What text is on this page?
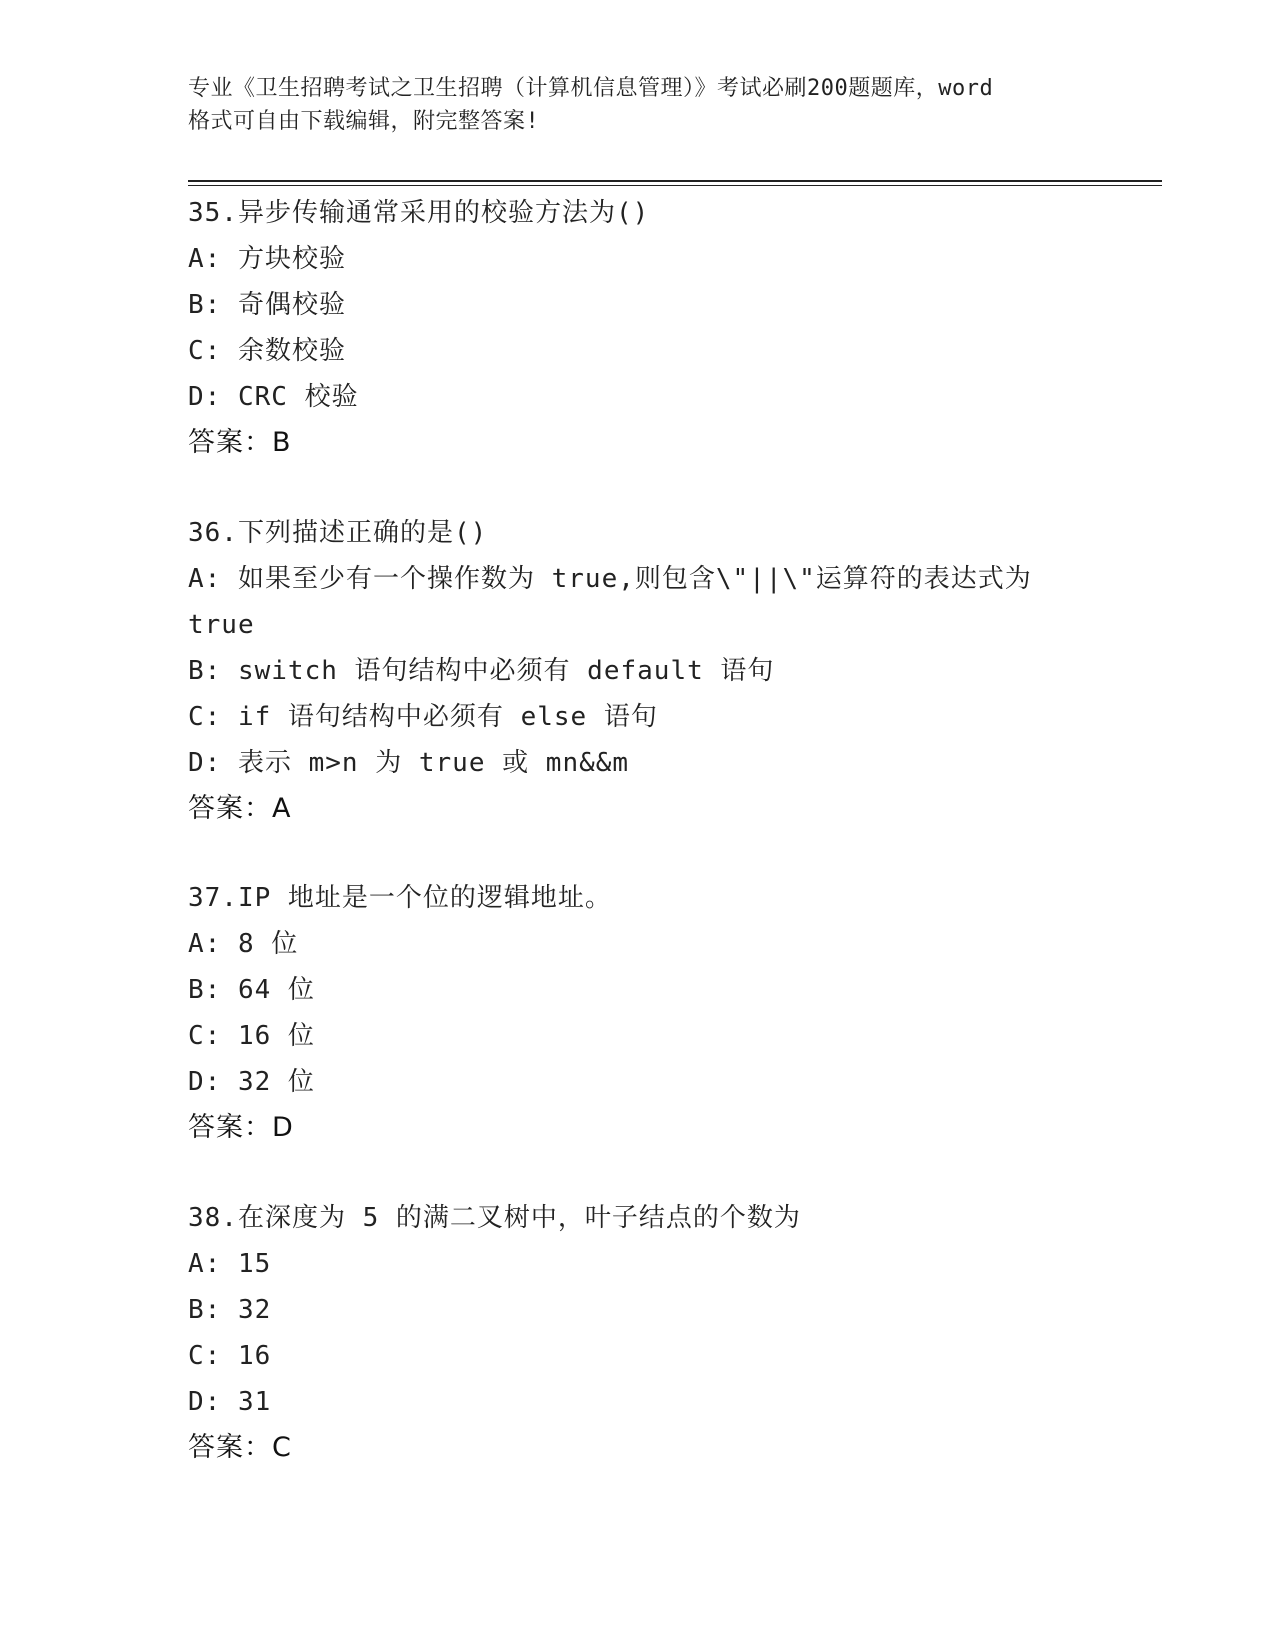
专业《卫生招聘考试之卫生招聘（计算机信息管理）》考试必刷200题题库，word
格式可自由下载编辑，附完整答案!
35.异步传输通常采用的校验方法为()
A: 方块校验
B: 奇偶校验
C: 余数校验
D: CRC 校验
答案：B
36.下列描述正确的是()
A: 如果至少有一个操作数为 true,则包含\"||\"运算符的表达式为
true
B: switch 语句结构中必须有 default 语句
C: if 语句结构中必须有 else 语句
D: 表示 m>n 为 true 或 mn&&m
答案：A
37.IP 地址是一个位的逻辑地址。
A: 8 位
B: 64 位
C: 16 位
D: 32 位
答案：D
38.在深度为 5 的满二叉树中，叶子结点的个数为
A: 15
B: 32
C: 16
D: 31
答案：C
